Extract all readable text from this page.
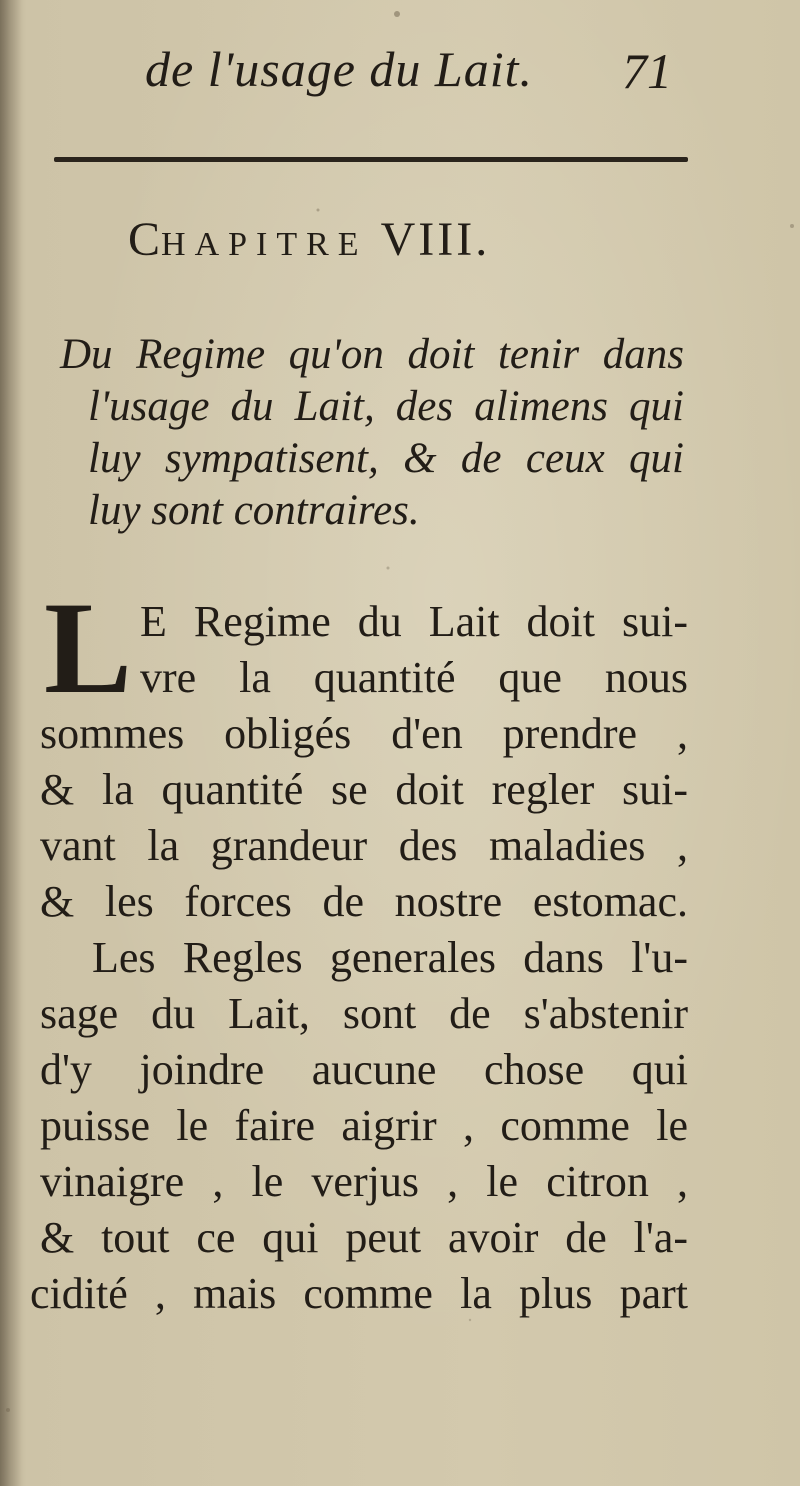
de l'usage du Lait. 71
CHAPITRE VIII.
Du Regime qu'on doit tenir dans
l'usage du Lait, des alimens qui
luy sympatisent, & de ceux qui
luy sont contraires.
L E Regime du Lait doit sui-
vre la quantité que nous
sommes obligés d'en prendre ,
& la quantité se doit regler sui-
vant la grandeur des maladies ,
& les forces de nostre estomac.
Les Regles generales dans l'u-
sage du Lait, sont de s'abstenir
d'y joindre aucune chose qui
puisse le faire aigrir , comme le
vinaigre , le verjus , le citron ,
& tout ce qui peut avoir de l'a-
cidité , mais comme la plus part
